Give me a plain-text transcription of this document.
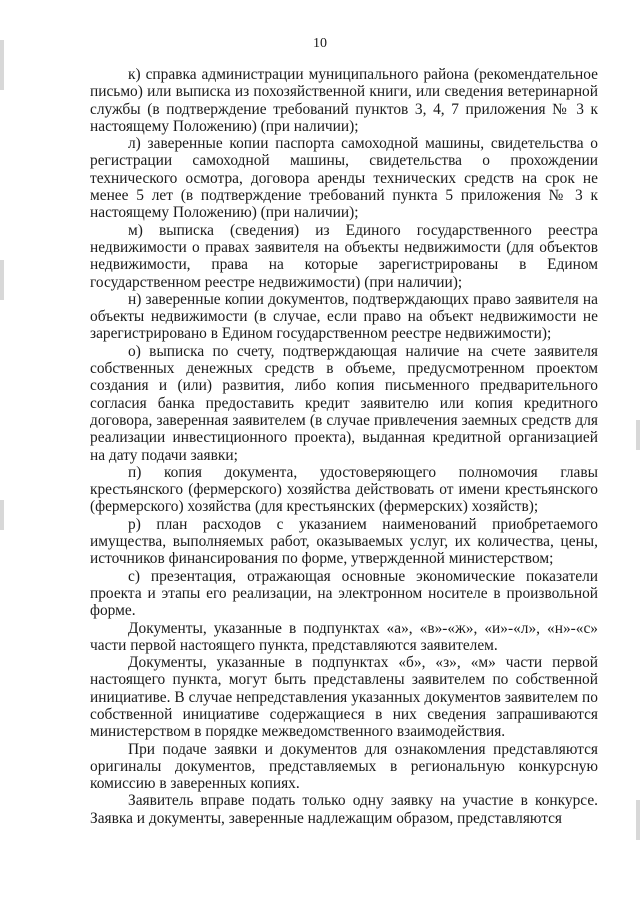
10

к) справка администрации муниципального района (рекомендательное письмо) или выписка из похозяйственной книги, или сведения ветеринарной службы (в подтверждение требований пунктов 3, 4, 7 приложения № 3 к настоящему Положению) (при наличии);

л) заверенные копии паспорта самоходной машины, свидетельства о регистрации самоходной машины, свидетельства о прохождении технического осмотра, договора аренды технических средств на срок не менее 5 лет (в подтверждение требований пункта 5 приложения № 3 к настоящему Положению) (при наличии);

м) выписка (сведения) из Единого государственного реестра недвижимости о правах заявителя на объекты недвижимости (для объектов недвижимости, права на которые зарегистрированы в Едином государственном реестре недвижимости) (при наличии);

н) заверенные копии документов, подтверждающих право заявителя на объекты недвижимости (в случае, если право на объект недвижимости не зарегистрировано в Едином государственном реестре недвижимости);

о) выписка по счету, подтверждающая наличие на счете заявителя собственных денежных средств в объеме, предусмотренном проектом создания и (или) развития, либо копия письменного предварительного согласия банка предоставить кредит заявителю или копия кредитного договора, заверенная заявителем (в случае привлечения заемных средств для реализации инвестиционного проекта), выданная кредитной организацией на дату подачи заявки;

п) копия документа, удостоверяющего полномочия главы крестьянского (фермерского) хозяйства действовать от имени крестьянского (фермерского) хозяйства (для крестьянских (фермерских) хозяйств);

р) план расходов с указанием наименований приобретаемого имущества, выполняемых работ, оказываемых услуг, их количества, цены, источников финансирования по форме, утвержденной министерством;

с) презентация, отражающая основные экономические показатели проекта и этапы его реализации, на электронном носителе в произвольной форме.

Документы, указанные в подпунктах «а», «в»-«ж», «и»-«л», «н»-«с» части первой настоящего пункта, представляются заявителем.

Документы, указанные в подпунктах «б», «з», «м» части первой настоящего пункта, могут быть представлены заявителем по собственной инициативе. В случае непредставления указанных документов заявителем по собственной инициативе содержащиеся в них сведения запрашиваются министерством в порядке межведомственного взаимодействия.

При подаче заявки и документов для ознакомления представляются оригиналы документов, представляемых в региональную конкурсную комиссию в заверенных копиях.

Заявитель вправе подать только одну заявку на участие в конкурсе. Заявка и документы, заверенные надлежащим образом, представляются
